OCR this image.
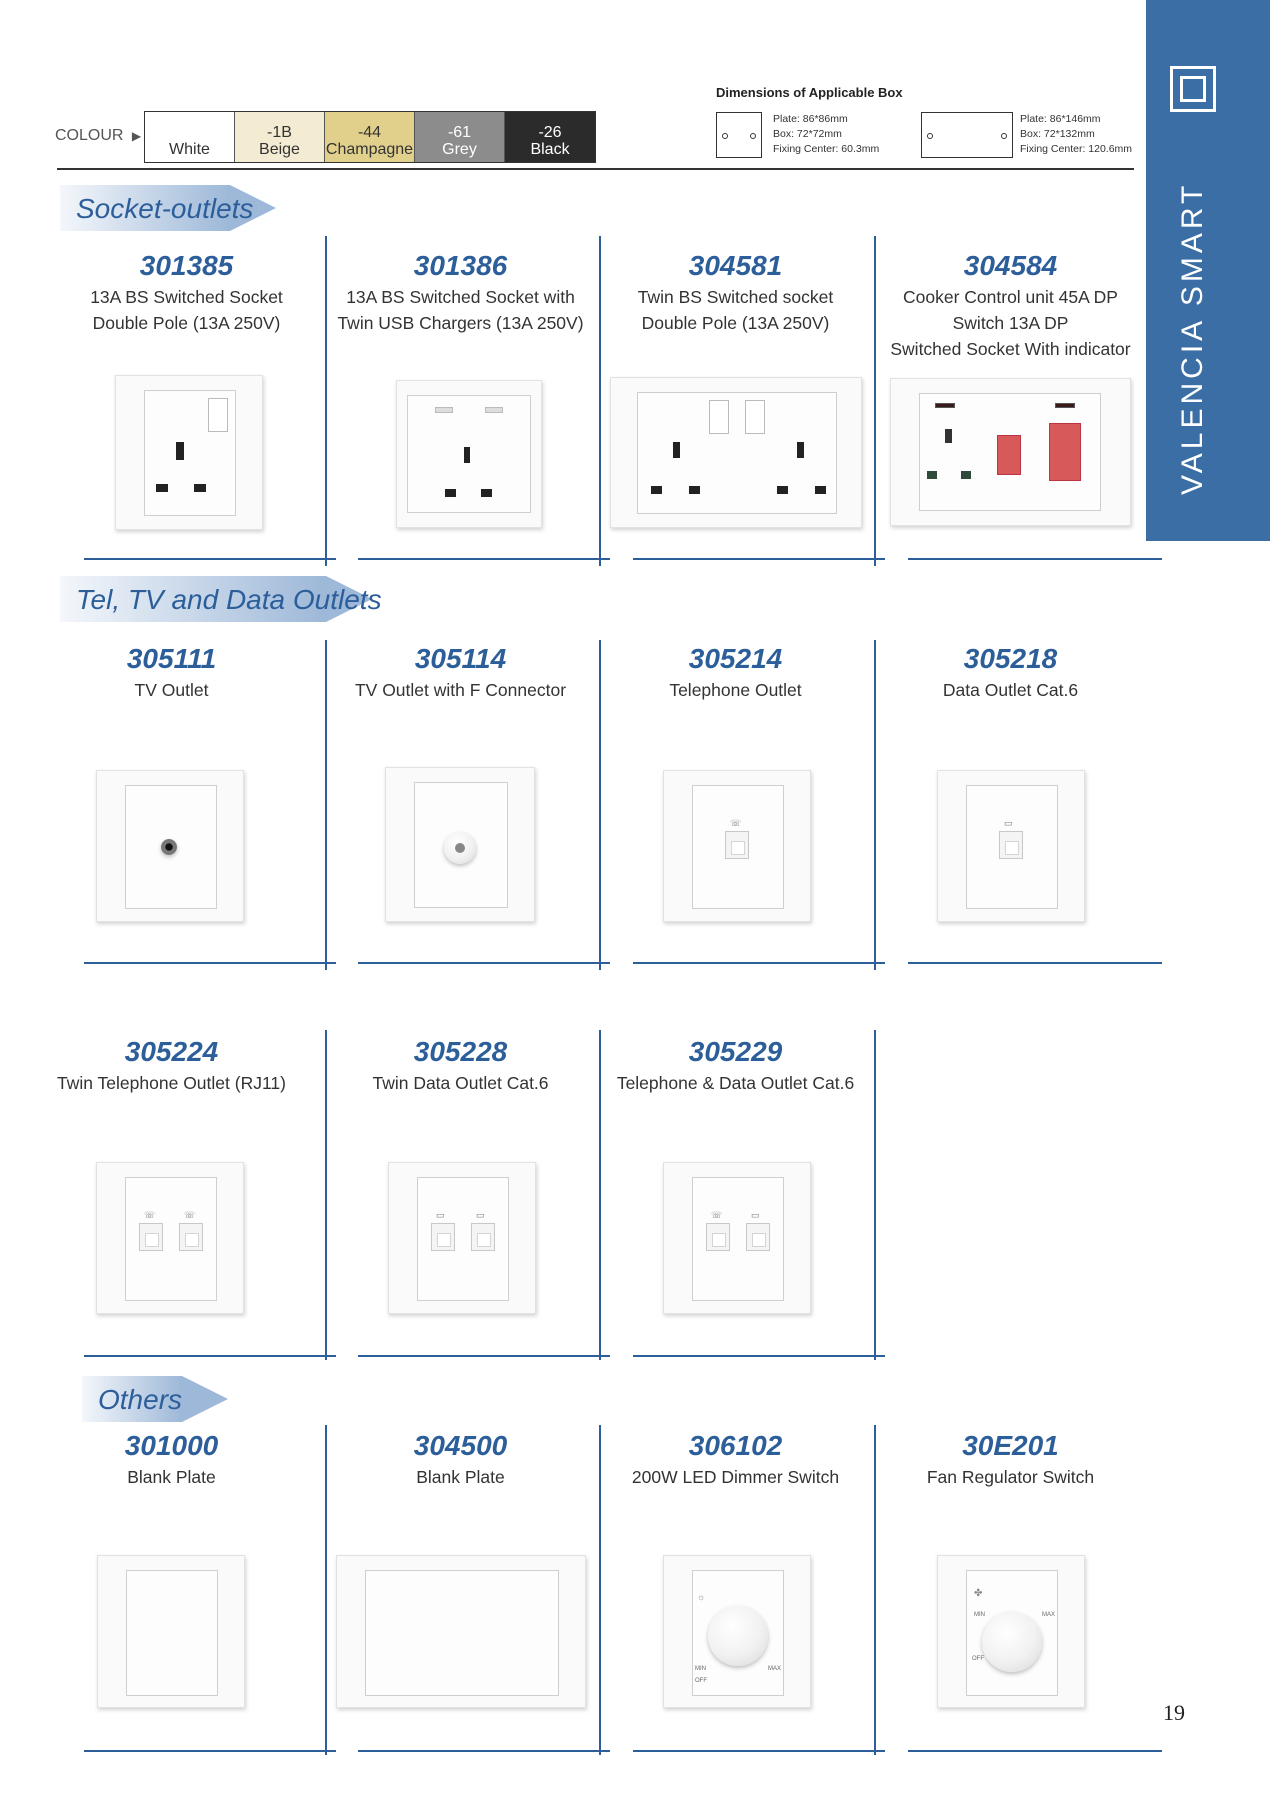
VALENCIA SMART
COLOUR ▶
White
-1B
Beige
-44
Champagne
-61
Grey
-26
Black
Dimensions of Applicable Box
Plate: 86*86mm
Box: 72*72mm
Fixing Center: 60.3mm
Plate: 86*146mm
Box: 72*132mm
Fixing Center: 120.6mm
Socket-outlets
Tel, TV and Data Outlets
Others
301385
13A BS Switched Socket
Double Pole (13A 250V)
301386
13A BS Switched Socket with
Twin USB Chargers (13A 250V)
304581
Twin BS Switched socket
Double Pole (13A 250V)
304584
Cooker Control unit 45A DP
Switch 13A DP
Switched Socket With indicator
305111
TV Outlet
305114
TV Outlet with F Connector
305214
Telephone Outlet
305218
Data Outlet Cat.6
☏	▭
305224
Twin Telephone Outlet (RJ11)
305228
Twin Data Outlet Cat.6
305229
Telephone & Data Outlet Cat.6
☏	☏	▭	▭	☏	▭
301000
Blank Plate
304500
Blank Plate
306102
200W LED Dimmer Switch
30E201
Fan Regulator Switch
MIN	MAX
OFF
☼
MIN	MAX
OFF
✤
19
